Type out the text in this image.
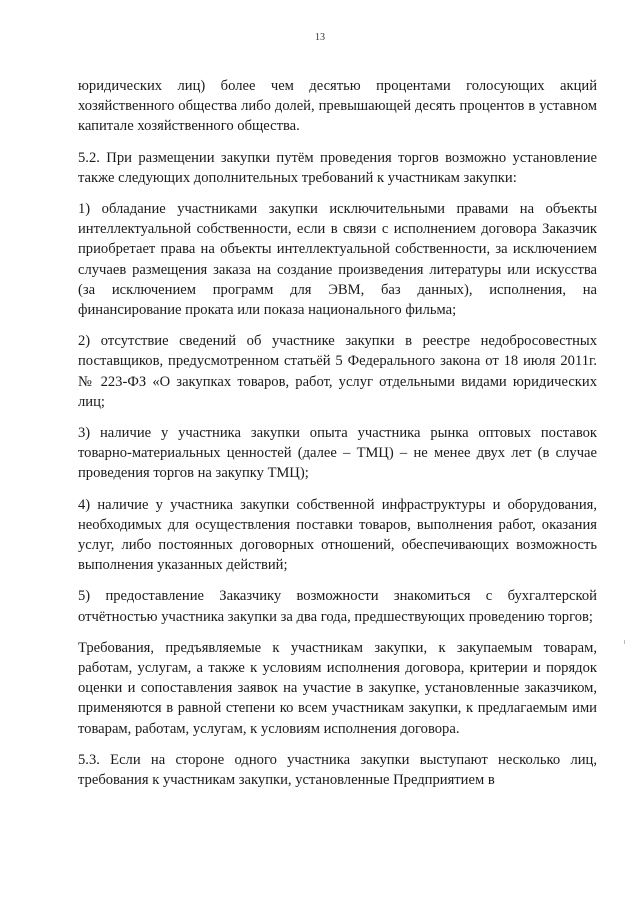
13

юридических лиц) более чем десятью процентами голосующих акций хозяйственного общества либо долей, превышающей десять процентов в уставном капитале хозяйственного общества.

5.2. При размещении закупки путём проведения торгов возможно установление также следующих дополнительных требований к участникам закупки:

1) обладание участниками закупки исключительными правами на объекты интеллектуальной собственности, если в связи с исполнением договора Заказчик приобретает права на объекты интеллектуальной собственности, за исключением случаев размещения заказа на создание произведения литературы или искусства (за исключением программ для ЭВМ, баз данных), исполнения, на финансирование проката или показа национального фильма;

2) отсутствие сведений об участнике закупки в реестре недобросовестных поставщиков, предусмотренном статьёй 5 Федерального закона от 18 июля 2011г. № 223-ФЗ «О закупках товаров, работ, услуг отдельными видами юридических лиц;

3) наличие у участника закупки опыта участника рынка оптовых поставок товарно-материальных ценностей (далее – ТМЦ) – не менее двух лет (в случае проведения торгов на закупку ТМЦ);

4) наличие у участника закупки собственной инфраструктуры и оборудования, необходимых для осуществления поставки товаров, выполнения работ, оказания услуг, либо постоянных договорных отношений, обеспечивающих возможность выполнения указанных действий;

5) предоставление Заказчику возможности знакомиться с бухгалтерской отчётностью участника закупки за два года, предшествующих проведению торгов;

Требования, предъявляемые к участникам закупки, к закупаемым товарам, работам, услугам, а также к условиям исполнения договора, критерии и порядок оценки и сопоставления заявок на участие в закупке, установленные заказчиком, применяются в равной степени ко всем участникам закупки, к предлагаемым ими товарам, работам, услугам, к условиям исполнения договора.

5.3. Если на стороне одного участника закупки выступают несколько лиц, требования к участникам закупки, установленные Предприятием в
